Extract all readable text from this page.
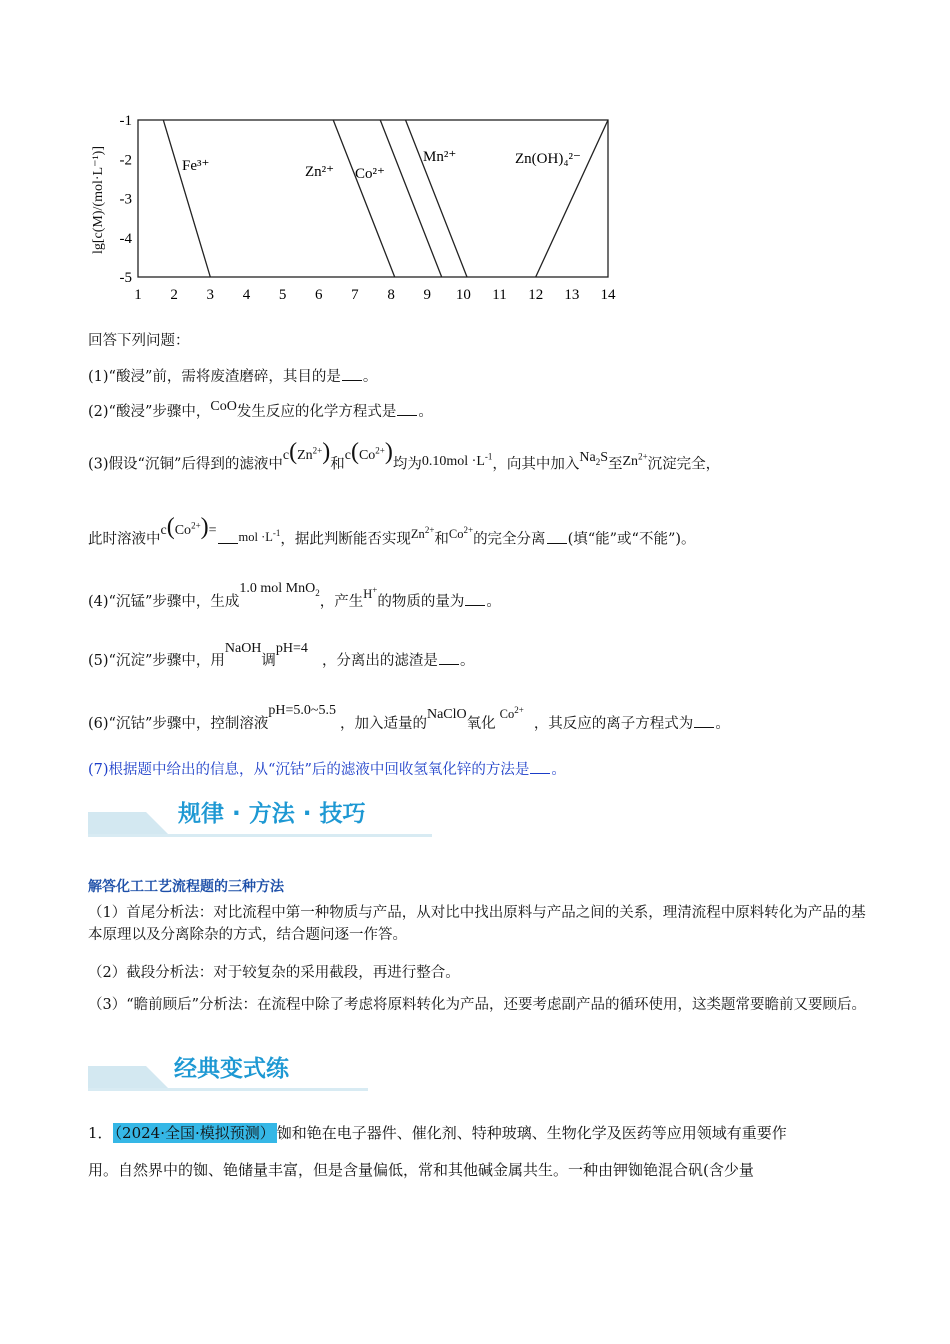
lg[c(M)/(mol·L⁻¹)]
-1
-2
-3
-4
-5
1 2 3 4 5 6 7 8 9 10 11 12 13 14
Fe³⁺	Zn²⁺ Co²⁺
Mn²⁺	Zn(OH)₄²⁻
回答下列问题：
(1)“酸浸”前，需将废渣磨碎，其目的是 。
(2)“酸浸”步骤中，CoO发生反应的化学方程式是 。
(3)假设“沉铜”后得到的滤液中$c(Zn^{2+})$和$c(Co^{2+})$均为$0.10mol \cdot L^{-1}$，向其中加入$Na_2S$至$Zn^{2+}$沉淀完全，
此时溶液中$c(Co^{2+})=$ mol $\cdot L^{-1}$，据此判断能否实现$Zn^{2+}$和$Co^{2+}$的完全分离 (填“能”或“不能”)。
(4)“沉锰”步骤中，生成1.0 mol MnO$_2$，产生H+的物质的量为 。
(5)“沉淀”步骤中，用NaOH调pH=4，分离出的滤渣是 。
(6)“沉钴”步骤中，控制溶液pH=5.0~5.5，加入适量的NaClO氧化$Co^{2+}$，其反应的离子方程式为 。
(7)根据题中给出的信息，从“沉钴”后的滤液中回收氢氧化锌的方法是 。
规律 · 方法 · 技巧
解答化工工艺流程题的三种方法
（1）首尾分析法：对比流程中第一种物质与产品，从对比中找出原料与产品之间的关系，理清流程中原料转化为产品的基本原理以及分离除杂的方式，结合题问逐一作答。
（2）截段分析法：对于较复杂的采用截段，再进行整合。
（3）“瞻前顾后”分析法：在流程中除了考虑将原料转化为产品，还要考虑副产品的循环使用，这类题常要瞻前又要顾后。
经典变式练
1． （2024·全国·模拟预测） 铷和铯在电子器件、催化剂、特种玻璃、生物化学及医药等应用领域有重要作
用。自然界中的铷、铯储量丰富，但是含量偏低，常和其他碱金属共生。一种由钾铷铯混合矾(含少量
